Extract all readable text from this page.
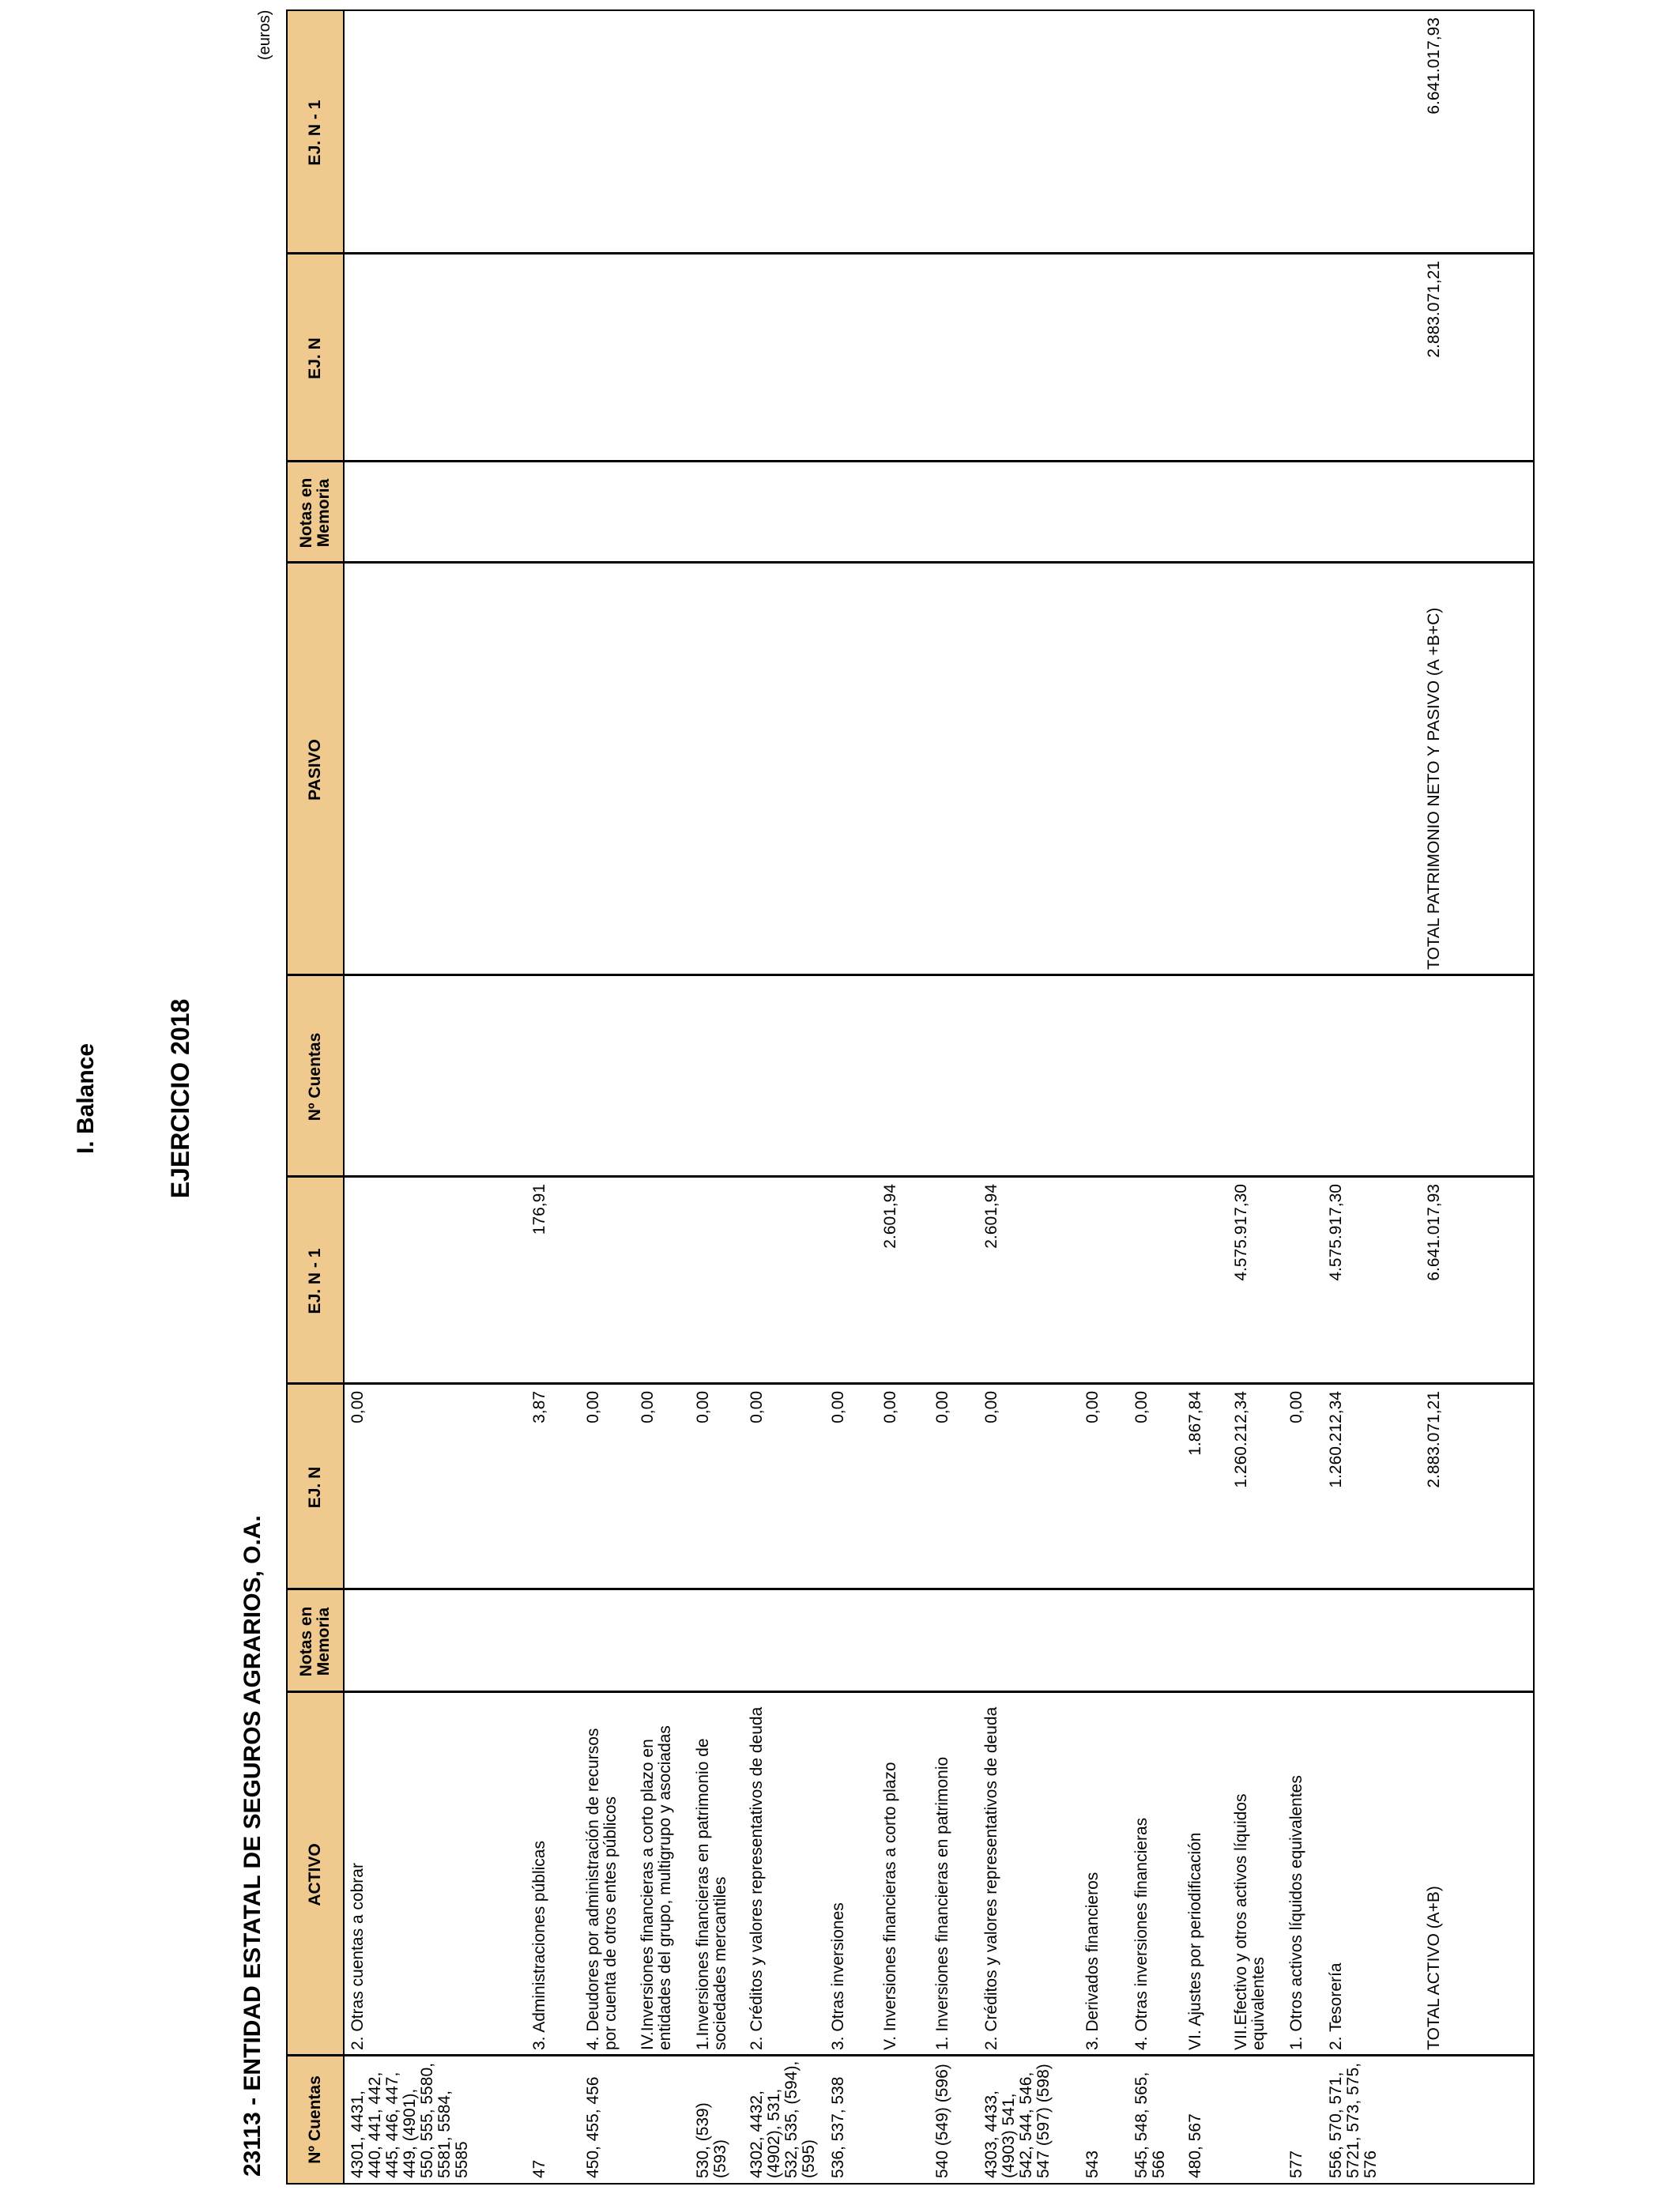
I. Balance	EJERCICIO 2018
23113 - ENTIDAD ESTATAL DE SEGUROS AGRARIOS, O.A.
(euros)
Nº Cuentas
ACTIVO
Notas en Memoria
EJ. N
EJ. N - 1
Nº Cuentas
PASIVO
Notas en Memoria
EJ. N
EJ. N - 1
4301, 4431, 440, 441, 442, 445, 446, 447, 449, (4901), 550, 555, 5580, 5581, 5584, 5585
2. Otras cuentas a cobrar
0,00
47
3. Administraciones públicas
3,87
176,91
450, 455, 456
4. Deudores por administración de recursos por cuenta de otros entes públicos
0,00
IV.Inversiones financieras a corto plazo en entidades del grupo, multigrupo y asociadas
0,00
530, (539) (593)
1.Inversiones financieras en patrimonio de sociedades mercantiles
0,00
4302, 4432, (4902), 531, 532, 535, (594), (595)
2. Créditos y valores representativos de deuda
0,00
536, 537, 538
3. Otras inversiones
0,00
V. Inversiones financieras a corto plazo
0,00
2.601,94
540 (549) (596)
1. Inversiones financieras en patrimonio
0,00
4303, 4433, (4903) 541, 542, 544, 546, 547 (597) (598)
2. Créditos y valores representativos de deuda
0,00
2.601,94
543
3. Derivados financieros
0,00
545, 548, 565, 566
4. Otras inversiones financieras
0,00
480, 567
VI. Ajustes por periodificación
1.867,84
VII.Efectivo y otros activos líquidos equivalentes
1.260.212,34
4.575.917,30
577
1. Otros activos líquidos equivalentes
0,00
556, 570, 571, 5721, 573, 575, 576
2. Tesorería
1.260.212,34
4.575.917,30
TOTAL ACTIVO (A+B)
2.883.071,21
6.641.017,93
TOTAL PATRIMONIO NETO Y PASIVO (A +B+C)
2.883.071,21
6.641.017,93
